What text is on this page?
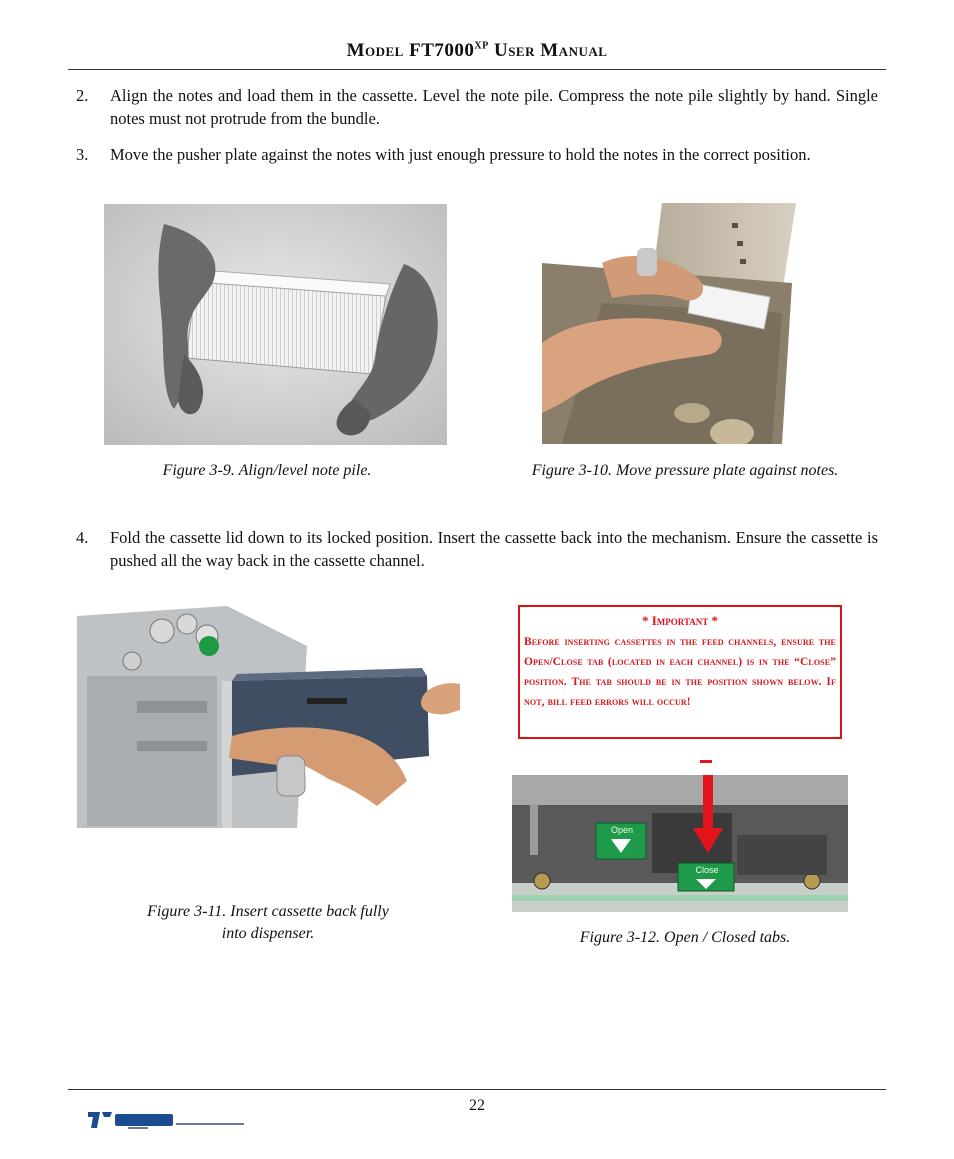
Model $FT7000^{XP}$ User Manual
2.	Align the notes and load them in the cassette. Level the note pile. Compress the note pile slightly by hand. Single notes must not protrude from the bundle.
3.	Move the pusher plate against the notes with just enough pressure to hold the notes in the correct position.
Figure 3-9. Align/level note pile.	Figure 3-10. Move pressure plate against notes.
4.	Fold the cassette lid down to its locked position. Insert the cassette back into the mechanism. Ensure the cassette is pushed all the way back in the cassette channel.
Figure 3-11. Insert cassette back fully
into dispenser.
* Important *
Before inserting cassettes in the feed channels, ensure the Open/Close tab (located in each channel) is in the “Close” position. The tab should be in the position shown below. If not, bill feed errors will occur!
Open
Close
Figure 3-12. Open / Closed tabs.
22
